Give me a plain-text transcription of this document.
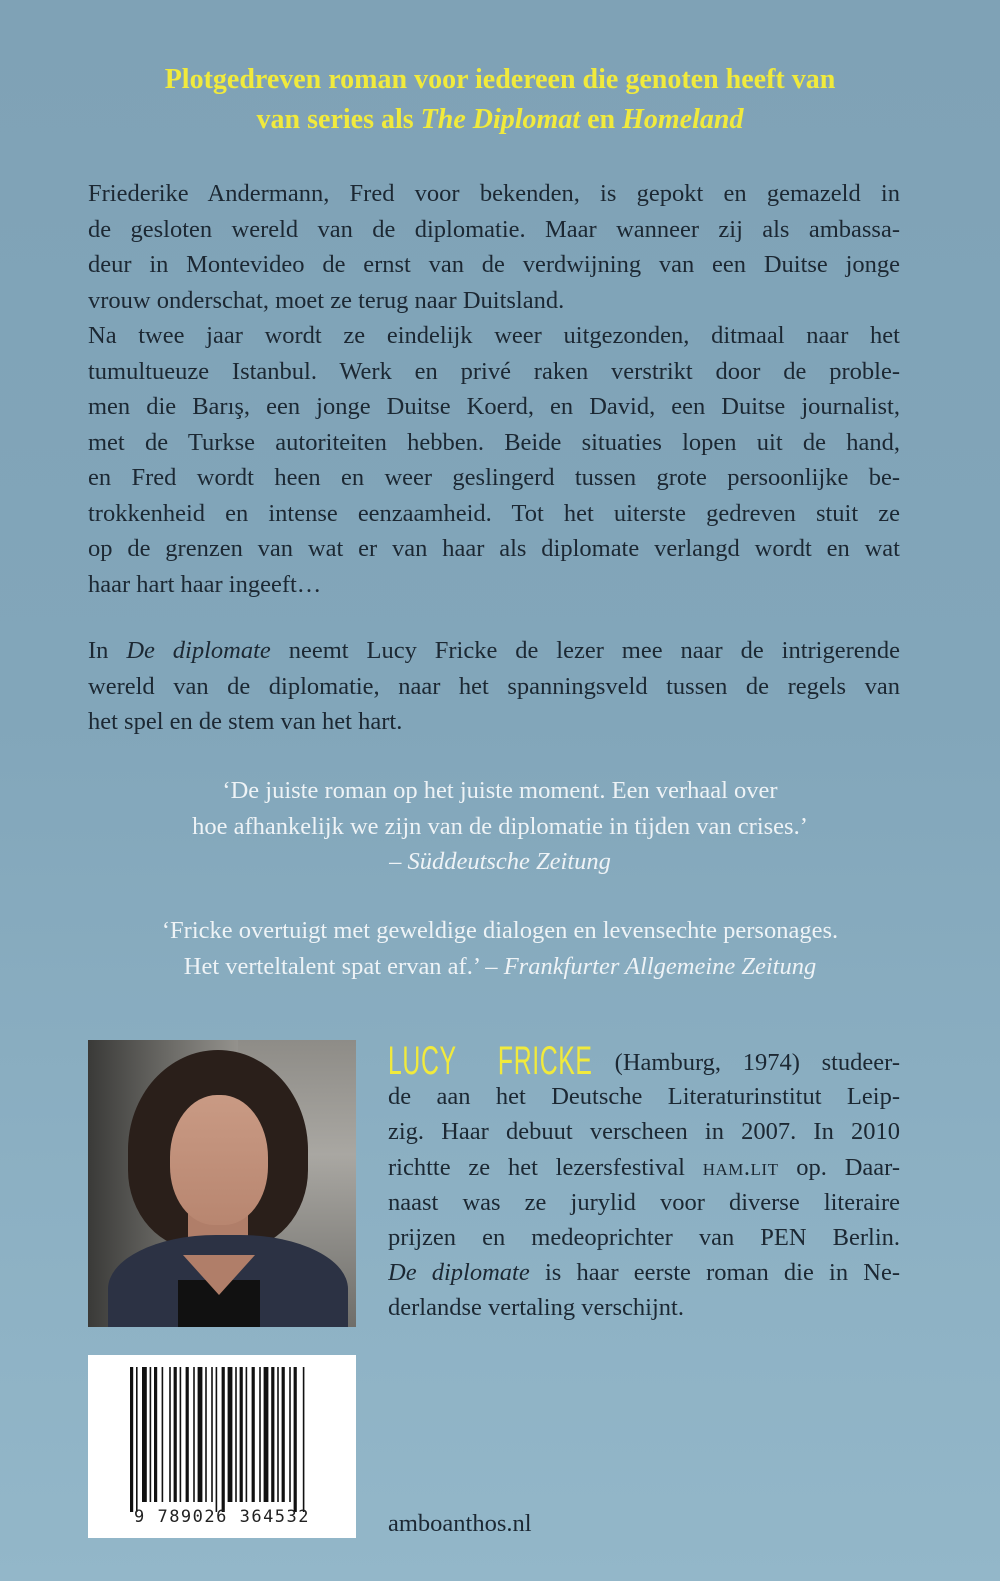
Plotgedreven roman voor iedereen die genoten heeft van
van series als The Diplomat en Homeland
Friederike Andermann, Fred voor bekenden, is gepokt en gemazeld in
de gesloten wereld van de diplomatie. Maar wanneer zij als ambassa-
deur in Montevideo de ernst van de verdwijning van een Duitse jonge
vrouw onderschat, moet ze terug naar Duitsland.
Na twee jaar wordt ze eindelijk weer uitgezonden, ditmaal naar het
tumultueuze Istanbul. Werk en privé raken verstrikt door de proble-
men die Barış, een jonge Duitse Koerd, en David, een Duitse journalist,
met de Turkse autoriteiten hebben. Beide situaties lopen uit de hand,
en Fred wordt heen en weer geslingerd tussen grote persoonlijke be-
trokkenheid en intense eenzaamheid. Tot het uiterste gedreven stuit ze
op de grenzen van wat er van haar als diplomate verlangd wordt en wat
haar hart haar ingeeft…
In De diplomate neemt Lucy Fricke de lezer mee naar de intrigerende
wereld van de diplomatie, naar het spanningsveld tussen de regels van
het spel en de stem van het hart.
‘De juiste roman op het juiste moment. Een verhaal over
hoe afhankelijk we zijn van de diplomatie in tijden van crises.’
– Süddeutsche Zeitung
‘Fricke overtuigt met geweldige dialogen en levensechte personages.
Het verteltalent spat ervan af.’ – Frankfurter Allgemeine Zeitung
LUCY FRICKE (Hamburg, 1974) studeer-
de aan het Deutsche Literaturinstitut Leip-
zig. Haar debuut verscheen in 2007. In 2010
richtte ze het lezersfestival ham.lit op. Daar-
naast was ze jurylid voor diverse literaire
prijzen en medeoprichter van PEN Berlin.
De diplomate is haar eerste roman die in Ne-
derlandse vertaling verschijnt.
9 789026 364532	amboanthos.nl
